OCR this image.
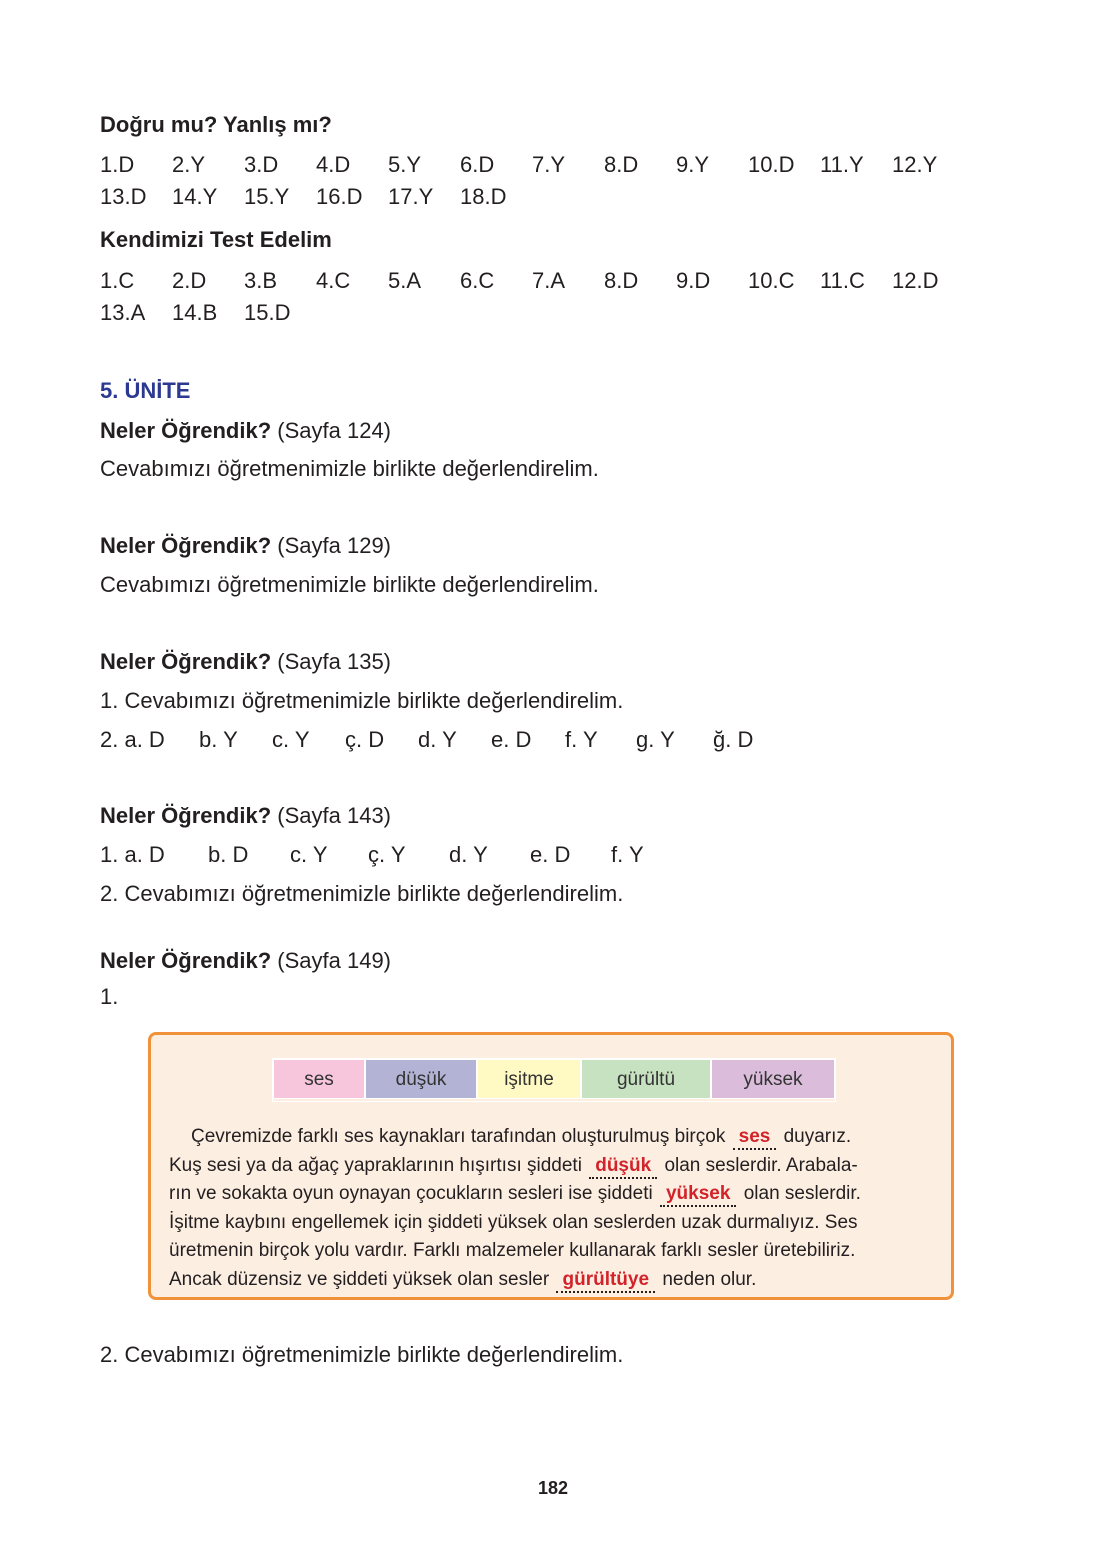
Doğru mu? Yanlış mı?
1.D 2.Y 3.D 4.D 5.Y 6.D 7.Y 8.D 9.Y 10.D 11.Y 12.Y
13.D 14.Y 15.Y 16.D 17.Y 18.D
Kendimizi Test Edelim
1.C 2.D 3.B 4.C 5.A 6.C 7.A 8.D 9.D 10.C 11.C 12.D
13.A 14.B 15.D
5. ÜNİTE
Neler Öğrendik? (Sayfa 124)
Cevabımızı öğretmenimizle birlikte değerlendirelim.
Neler Öğrendik? (Sayfa 129)
Cevabımızı öğretmenimizle birlikte değerlendirelim.
Neler Öğrendik? (Sayfa 135)
1. Cevabımızı öğretmenimizle birlikte değerlendirelim.
2. a. D b. Y c. Y ç. D d. Y e. D f. Y g. Y ğ. D
Neler Öğrendik? (Sayfa 143)
1. a. D b. D c. Y ç. Y d. Y e. D f. Y
2. Cevabımızı öğretmenimizle birlikte değerlendirelim.
Neler Öğrendik? (Sayfa 149)
1.
ses	düşük	işitme	gürültü	yüksek
Çevremizde farklı ses kaynakları tarafından oluşturulmuş birçok ses duyarız.
Kuş sesi ya da ağaç yapraklarının hışırtısı şiddeti düşük olan seslerdir. Arabala-
rın ve sokakta oyun oynayan çocukların sesleri ise şiddeti yüksek olan seslerdir.
İşitme kaybını engellemek için şiddeti yüksek olan seslerden uzak durmalıyız. Ses
üretmenin birçok yolu vardır. Farklı malzemeler kullanarak farklı sesler üretebiliriz.
Ancak düzensiz ve şiddeti yüksek olan sesler gürültüye neden olur.
2. Cevabımızı öğretmenimizle birlikte değerlendirelim.
182
